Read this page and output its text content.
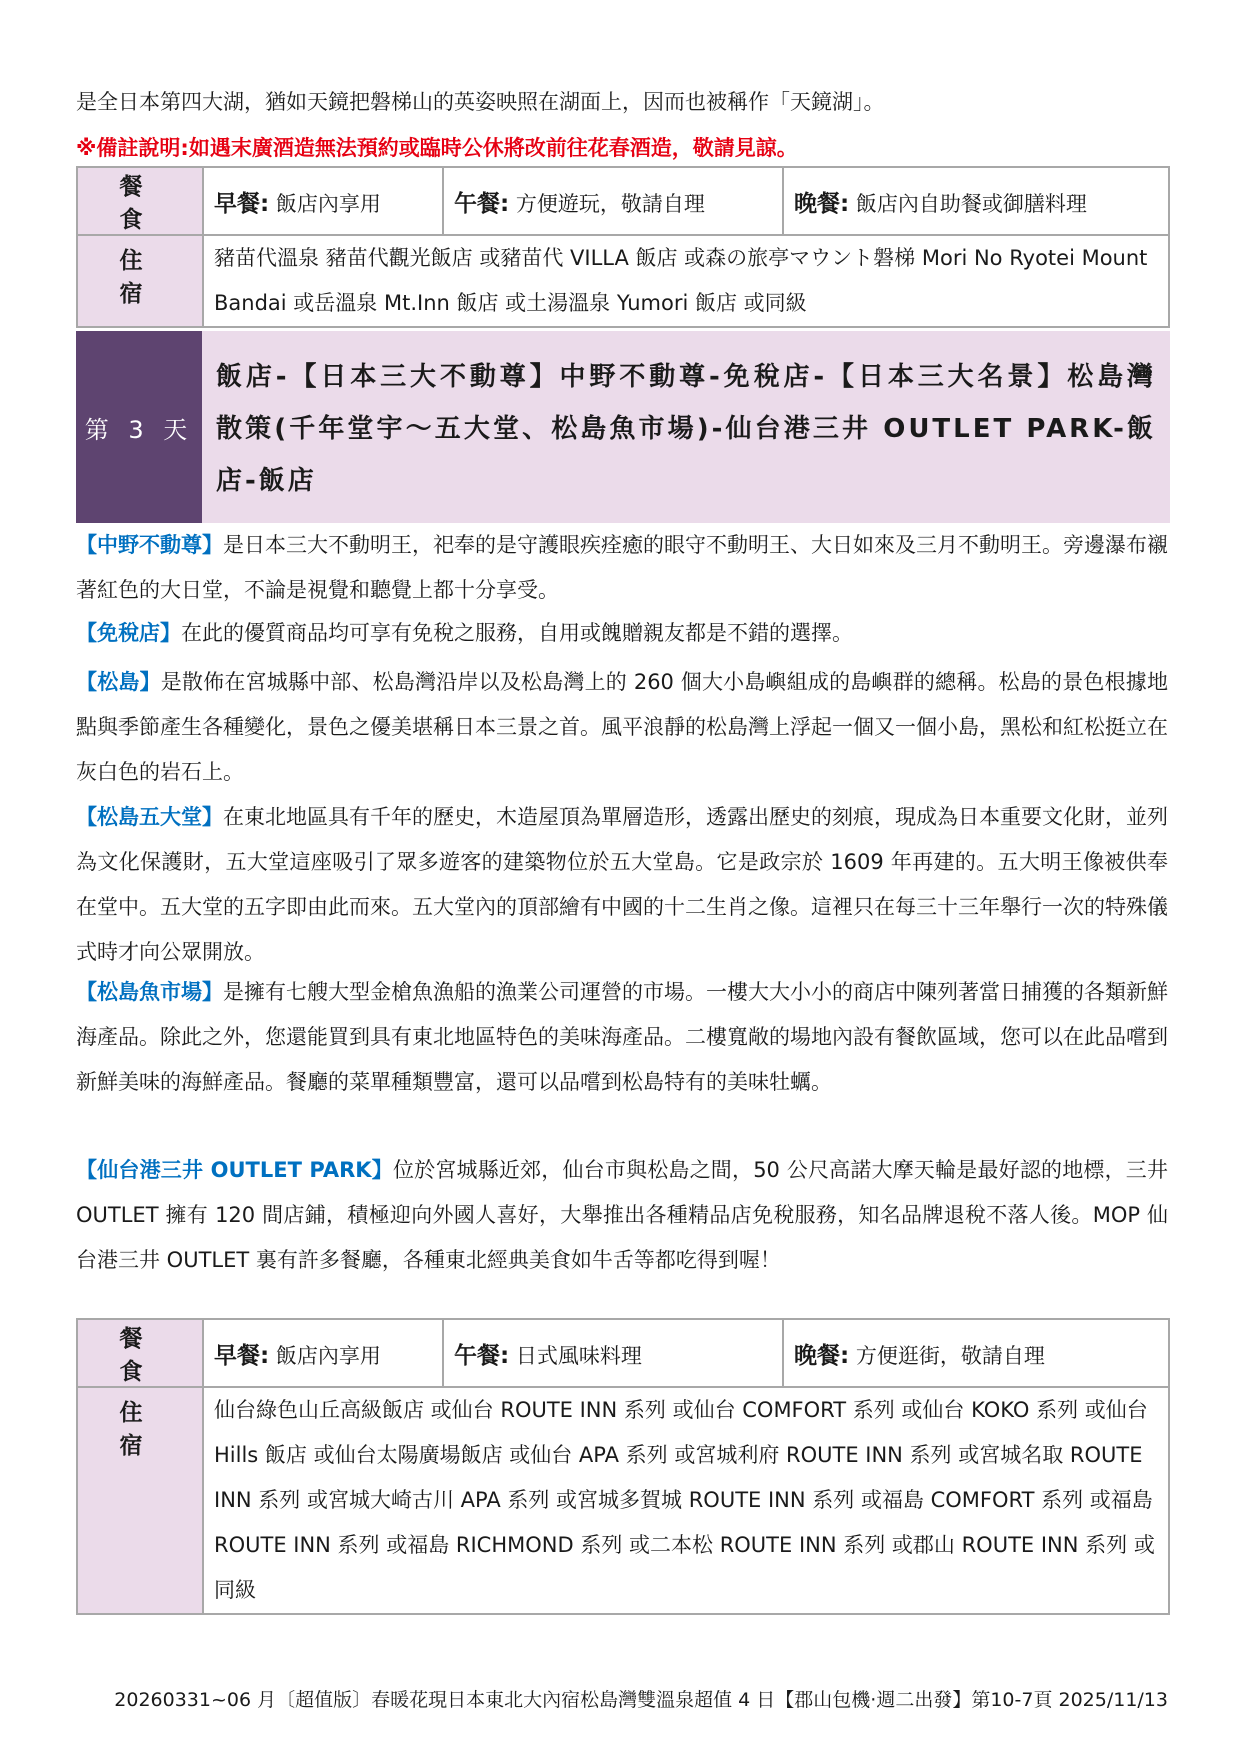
是全日本第四大湖，猶如天鏡把磐梯山的英姿映照在湖面上，因而也被稱作「天鏡湖」。
※備註說明:如遇末廣酒造無法預約或臨時公休將改前往花春酒造，敬請見諒。
餐　食	早餐: 飯店內享用	午餐: 方便遊玩，敬請自理	晚餐: 飯店內自助餐或御膳料理
住　宿	豬苗代溫泉 豬苗代觀光飯店 或豬苗代 VILLA 飯店 或森の旅亭マウント磐梯 Mori No Ryotei Mount Bandai 或岳溫泉 Mt.Inn 飯店 或土湯溫泉 Yumori 飯店 或同級		
第 3 天
飯店-【日本三大不動尊】中野不動尊-免稅店-【日本三大名景】松島灣散策(千年堂宇～五大堂、松島魚市場)-仙台港三井 OUTLET PARK-飯店-飯店
【中野不動尊】是日本三大不動明王，祀奉的是守護眼疾痊癒的眼守不動明王、大日如來及三月不動明王。旁邊瀑布襯著紅色的大日堂，不論是視覺和聽覺上都十分享受。
【免稅店】在此的優質商品均可享有免稅之服務，自用或餽贈親友都是不錯的選擇。
【松島】是散佈在宮城縣中部、松島灣沿岸以及松島灣上的 260 個大小島嶼組成的島嶼群的總稱。松島的景色根據地點與季節產生各種變化，景色之優美堪稱日本三景之首。風平浪靜的松島灣上浮起一個又一個小島，黑松和紅松挺立在灰白色的岩石上。
【松島五大堂】在東北地區具有千年的歷史，木造屋頂為單層造形，透露出歷史的刻痕，現成為日本重要文化財，並列為文化保護財，五大堂這座吸引了眾多遊客的建築物位於五大堂島。它是政宗於 1609 年再建的。五大明王像被供奉在堂中。五大堂的五字即由此而來。五大堂內的頂部繪有中國的十二生肖之像。這裡只在每三十三年舉行一次的特殊儀式時才向公眾開放。
【松島魚市場】是擁有七艘大型金槍魚漁船的漁業公司運營的市場。一樓大大小小的商店中陳列著當日捕獲的各類新鮮海產品。除此之外，您還能買到具有東北地區特色的美味海產品。二樓寬敞的場地內設有餐飲區域，您可以在此品嚐到新鮮美味的海鮮產品。餐廳的菜單種類豐富，還可以品嚐到松島特有的美味牡蠣。
【仙台港三井 OUTLET PARK】位於宮城縣近郊，仙台市與松島之間，50 公尺高諾大摩天輪是最好認的地標，三井 OUTLET 擁有 120 間店鋪，積極迎向外國人喜好，大舉推出各種精品店免稅服務，知名品牌退稅不落人後。MOP 仙台港三井 OUTLET 裏有許多餐廳，各種東北經典美食如牛舌等都吃得到喔！
餐　食	早餐: 飯店內享用	午餐: 日式風味料理	晚餐: 方便逛街，敬請自理
住　宿	仙台綠色山丘高級飯店 或仙台 ROUTE INN 系列 或仙台 COMFORT 系列 或仙台 KOKO 系列 或仙台 Hills 飯店 或仙台太陽廣場飯店 或仙台 APA 系列 或宮城利府 ROUTE INN 系列 或宮城名取 ROUTE INN 系列 或宮城大崎古川 APA 系列 或宮城多賀城 ROUTE INN 系列 或福島 COMFORT 系列 或福島 ROUTE INN 系列 或福島 RICHMOND 系列 或二本松 ROUTE INN 系列 或郡山 ROUTE INN 系列 或同級		
20260331~06 月〔超值版〕春暖花現日本東北大內宿松島灣雙溫泉超值 4 日【郡山包機‧週二出發】第10-7頁 2025/11/13
